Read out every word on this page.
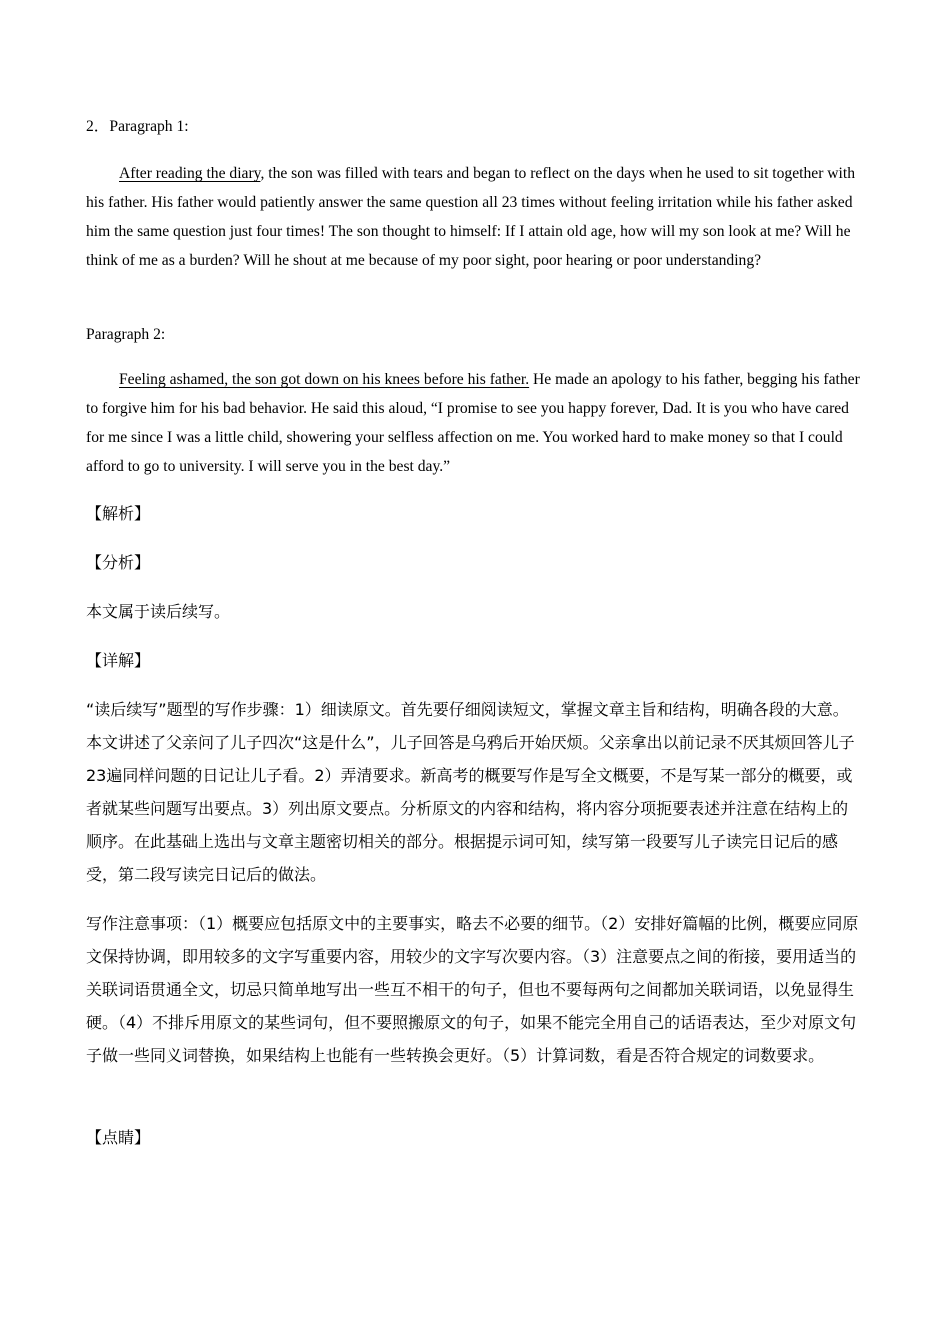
2．Paragraph 1:

After reading the diary, the son was filled with tears and began to reflect on the days when he used to sit together with his father. His father would patiently answer the same question all 23 times without feeling irritation while his father asked him the same question just four times! The son thought to himself: If I attain old age, how will my son look at me? Will he think of me as a burden? Will he shout at me because of my poor sight, poor hearing or poor understanding?

Paragraph 2:

Feeling ashamed, the son got down on his knees before his father. He made an apology to his father, begging his father to forgive him for his bad behavior. He said this aloud, “I promise to see you happy forever, Dad. It is you who have cared for me since I was a little child, showering your selfless affection on me. You worked hard to make money so that I could afford to go to university. I will serve you in the best day.”

【解析】

【分析】

本文属于读后续写。

【详解】

“读后续写”题型的写作步骤：1）细读原文。首先要仔细阅读短文，掌握文章主旨和结构，明确各段的大意。本文讲述了父亲问了儿子四次“这是什么”，儿子回答是乌鸦后开始厌烦。父亲拿出以前记录不厌其烦回答儿子23遍同样问题的日记让儿子看。2）弄清要求。新高考的概要写作是写全文概要，不是写某一部分的概要，或者就某些问题写出要点。3）列出原文要点。分析原文的内容和结构，将内容分项扼要表述并注意在结构上的顺序。在此基础上选出与文章主题密切相关的部分。根据提示词可知，续写第一段要写儿子读完日记后的感受，第二段写读完日记后的做法。

写作注意事项：（1）概要应包括原文中的主要事实，略去不必要的细节。（2）安排好篇幅的比例，概要应同原文保持协调，即用较多的文字写重要内容，用较少的文字写次要内容。（3）注意要点之间的衔接，要用适当的关联词语贯通全文，切忌只简单地写出一些互不相干的句子，但也不要每两句之间都加关联词语，以免显得生硬。（4）不排斥用原文的某些词句，但不要照搬原文的句子，如果不能完全用自己的话语表达，至少对原文句子做一些同义词替换，如果结构上也能有一些转换会更好。（5）计算词数，看是否符合规定的词数要求。

【点睛】
